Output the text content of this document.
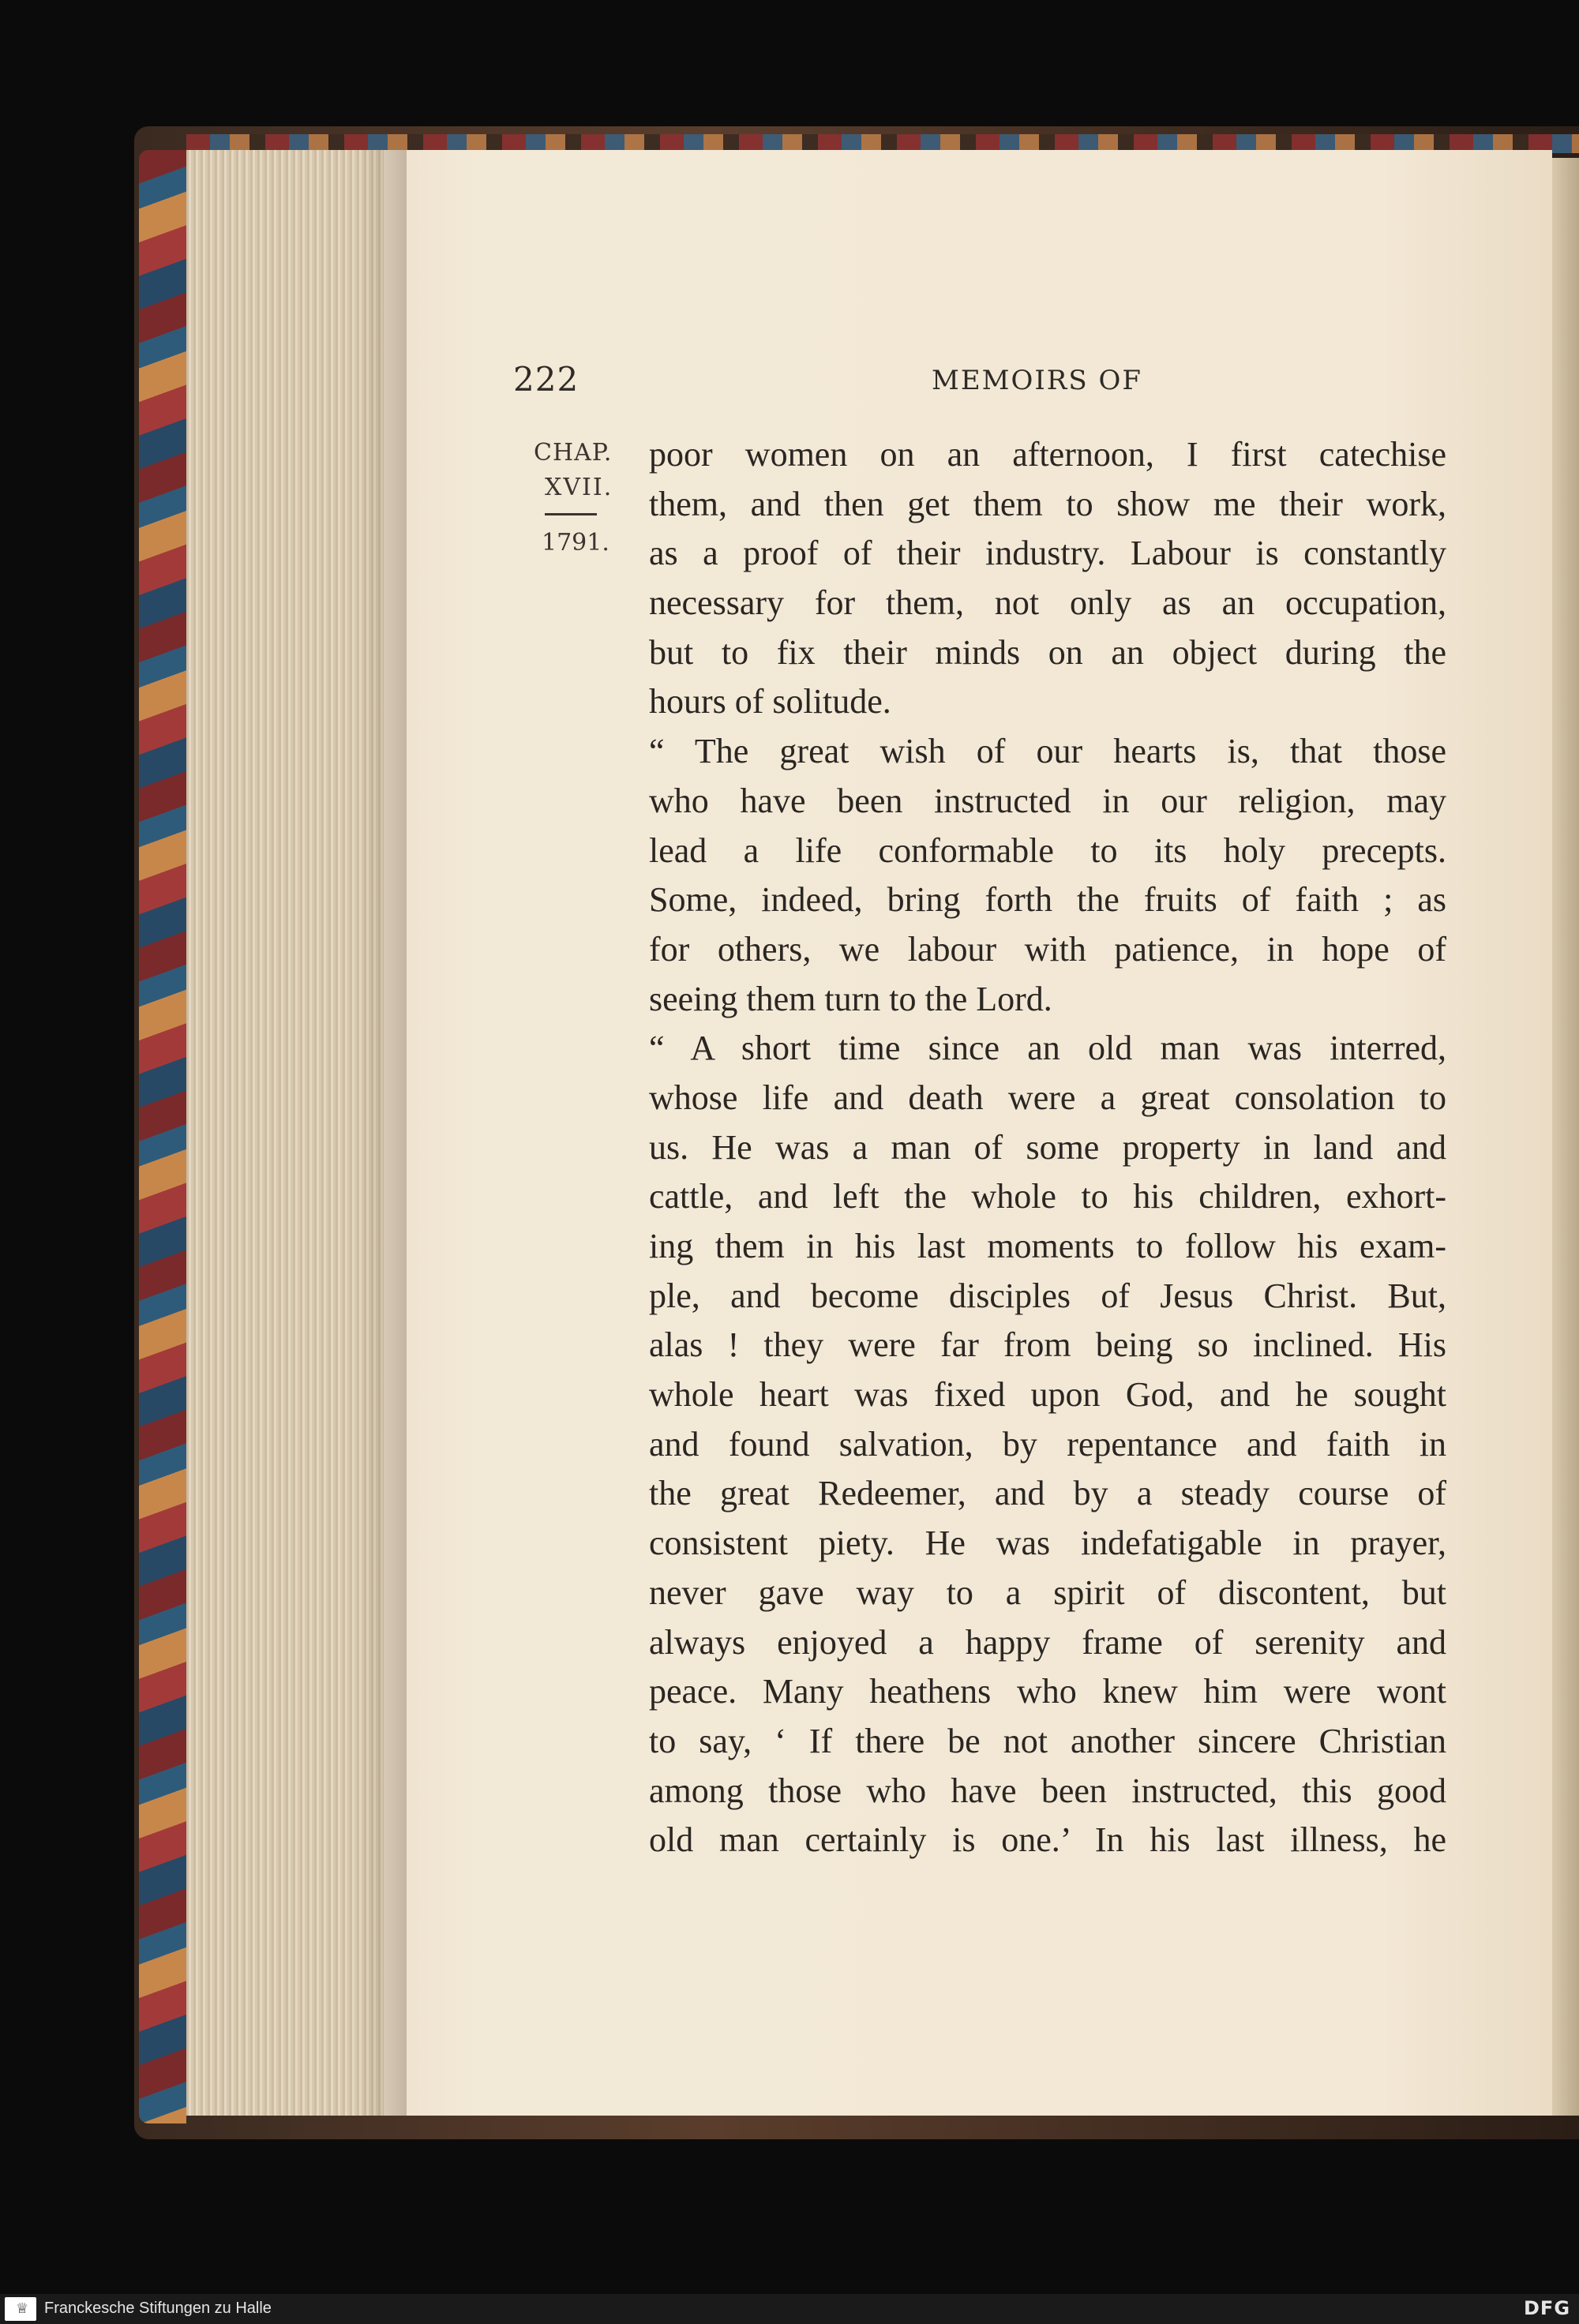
222	MEMOIRS OF
CHAP.
XVII.
1791.
poor women on an afternoon, I first catechise
them, and then get them to show me their work,
as a proof of their industry. Labour is constantly
necessary for them, not only as an occupation,
but to fix their minds on an object during the
hours of solitude.
“ The great wish of our hearts is, that those
who have been instructed in our religion, may
lead a life conformable to its holy precepts.
Some, indeed, bring forth the fruits of faith ; as
for others, we labour with patience, in hope of
seeing them turn to the Lord.
“ A short time since an old man was interred,
whose life and death were a great consolation to
us. He was a man of some property in land and
cattle, and left the whole to his children, exhort-
ing them in his last moments to follow his exam-
ple, and become disciples of Jesus Christ. But,
alas ! they were far from being so inclined. His
whole heart was fixed upon God, and he sought
and found salvation, by repentance and faith in
the great Redeemer, and by a steady course of
consistent piety. He was indefatigable in prayer,
never gave way to a spirit of discontent, but
always enjoyed a happy frame of serenity and
peace. Many heathens who knew him were wont
to say, ‘ If there be not another sincere Christian
among those who have been instructed, this good
old man certainly is one.’ In his last illness, he
♕ Franckesche Stiftungen zu Halle	DFG
